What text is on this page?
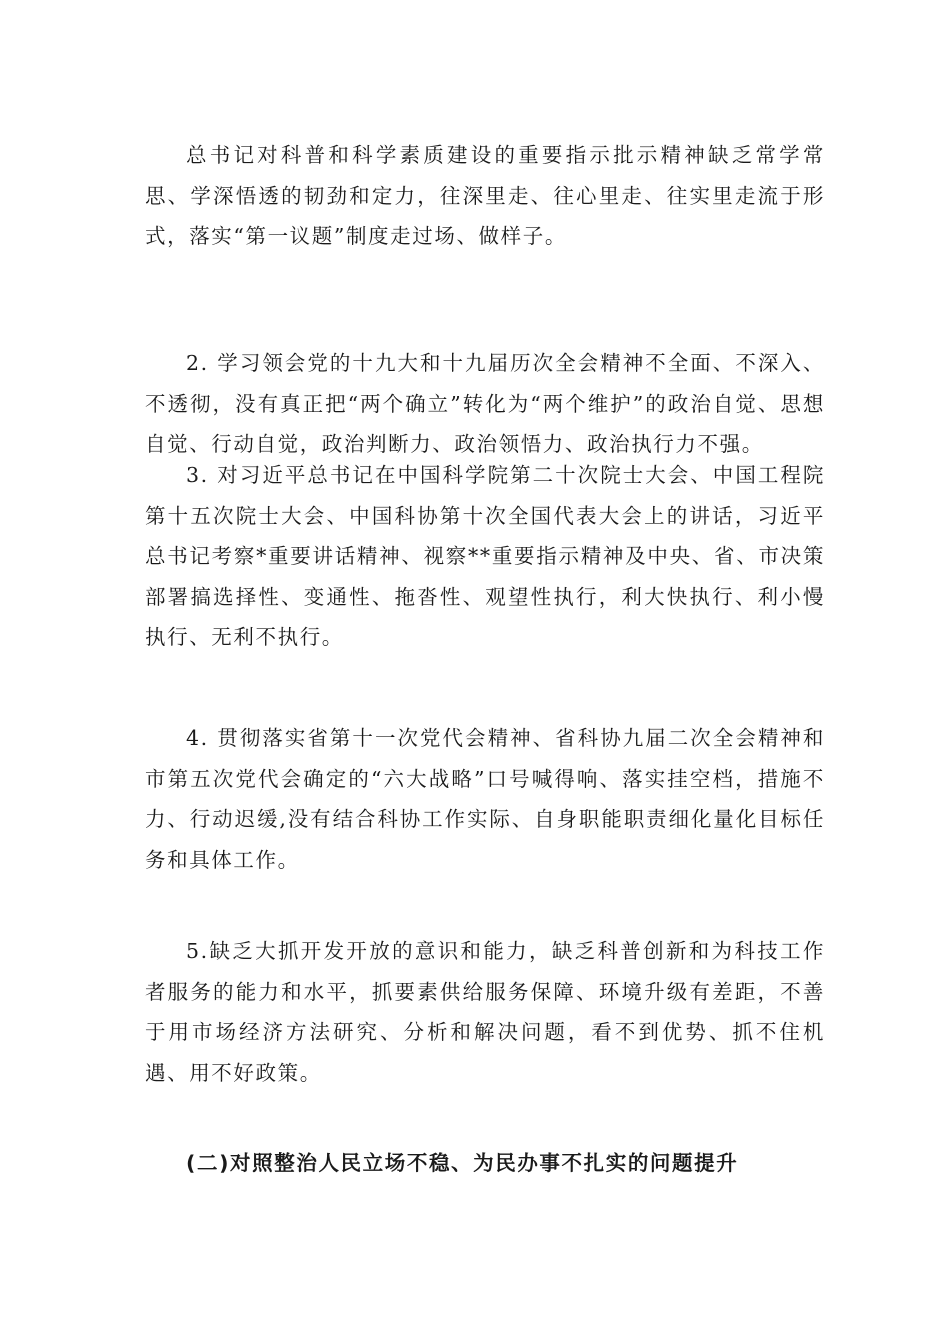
总书记对科普和科学素质建设的重要指示批示精神缺乏常学常思、学深悟透的韧劲和定力，往深里走、往心里走、往实里走流于形式，落实“第一议题”制度走过场、做样子。

2. 学习领会党的十九大和十九届历次全会精神不全面、不深入、不透彻，没有真正把“两个确立”转化为“两个维护”的政治自觉、思想自觉、行动自觉，政治判断力、政治领悟力、政治执行力不强。

3. 对习近平总书记在中国科学院第二十次院士大会、中国工程院第十五次院士大会、中国科协第十次全国代表大会上的讲话，习近平总书记考察*重要讲话精神、视察**重要指示精神及中央、省、市决策部署搞选择性、变通性、拖沓性、观望性执行，利大快执行、利小慢执行、无利不执行。

4. 贯彻落实省第十一次党代会精神、省科协九届二次全会精神和市第五次党代会确定的“六大战略”口号喊得响、落实挂空档，措施不力、行动迟缓,没有结合科协工作实际、自身职能职责细化量化目标任务和具体工作。

5.缺乏大抓开发开放的意识和能力，缺乏科普创新和为科技工作者服务的能力和水平，抓要素供给服务保障、环境升级有差距，不善于用市场经济方法研究、分析和解决问题，看不到优势、抓不住机遇、用不好政策。

(二)对照整治人民立场不稳、为民办事不扎实的问题提升
